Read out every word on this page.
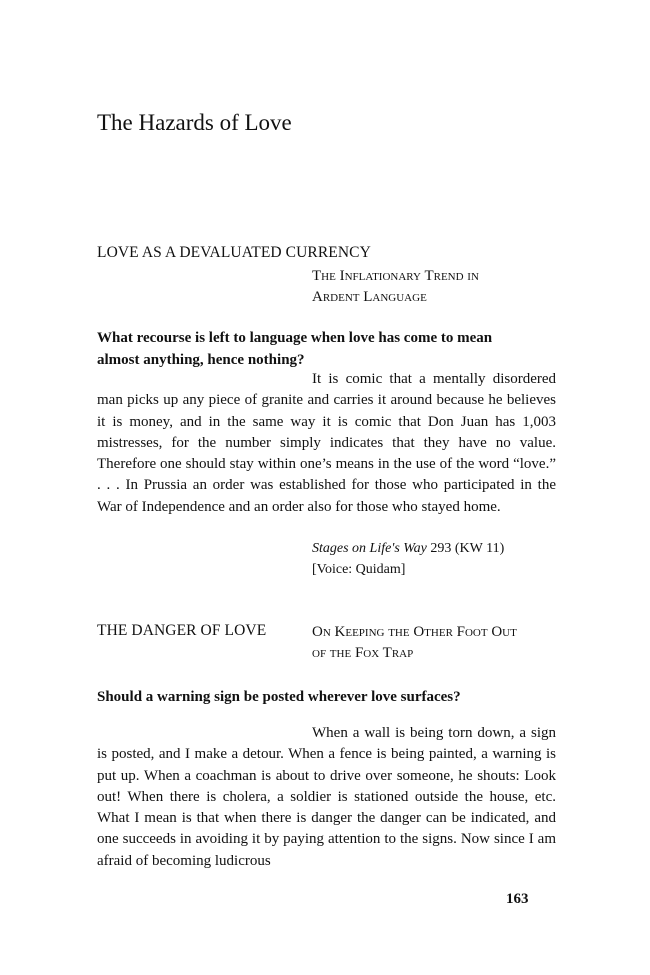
The Hazards of Love
LOVE AS A DEVALUATED CURRENCY
The Inflationary Trend in
Ardent Language
What recourse is left to language when love has come to mean
almost anything, hence nothing?
It is comic that a mentally disordered man picks up any piece of granite and carries it around because he believes it is money, and in the same way it is comic that Don Juan has 1,003 mistresses, for the number simply indicates that they have no value. Therefore one should stay within one’s means in the use of the word “love.” . . . In Prussia an order was established for those who participated in the War of Independence and an order also for those who stayed home.
Stages on Life's Way 293 (KW 11)
[Voice: Quidam]
THE DANGER OF LOVE	On Keeping the Other Foot Out
of the Fox Trap
Should a warning sign be posted wherever love surfaces?
When a wall is being torn down, a sign is posted, and I make a detour. When a fence is being painted, a warning is put up. When a coachman is about to drive over someone, he shouts: Look out! When there is cholera, a soldier is stationed outside the house, etc. What I mean is that when there is danger the danger can be indicated, and one succeeds in avoiding it by paying attention to the signs. Now since I am afraid of becoming ludicrous
163
